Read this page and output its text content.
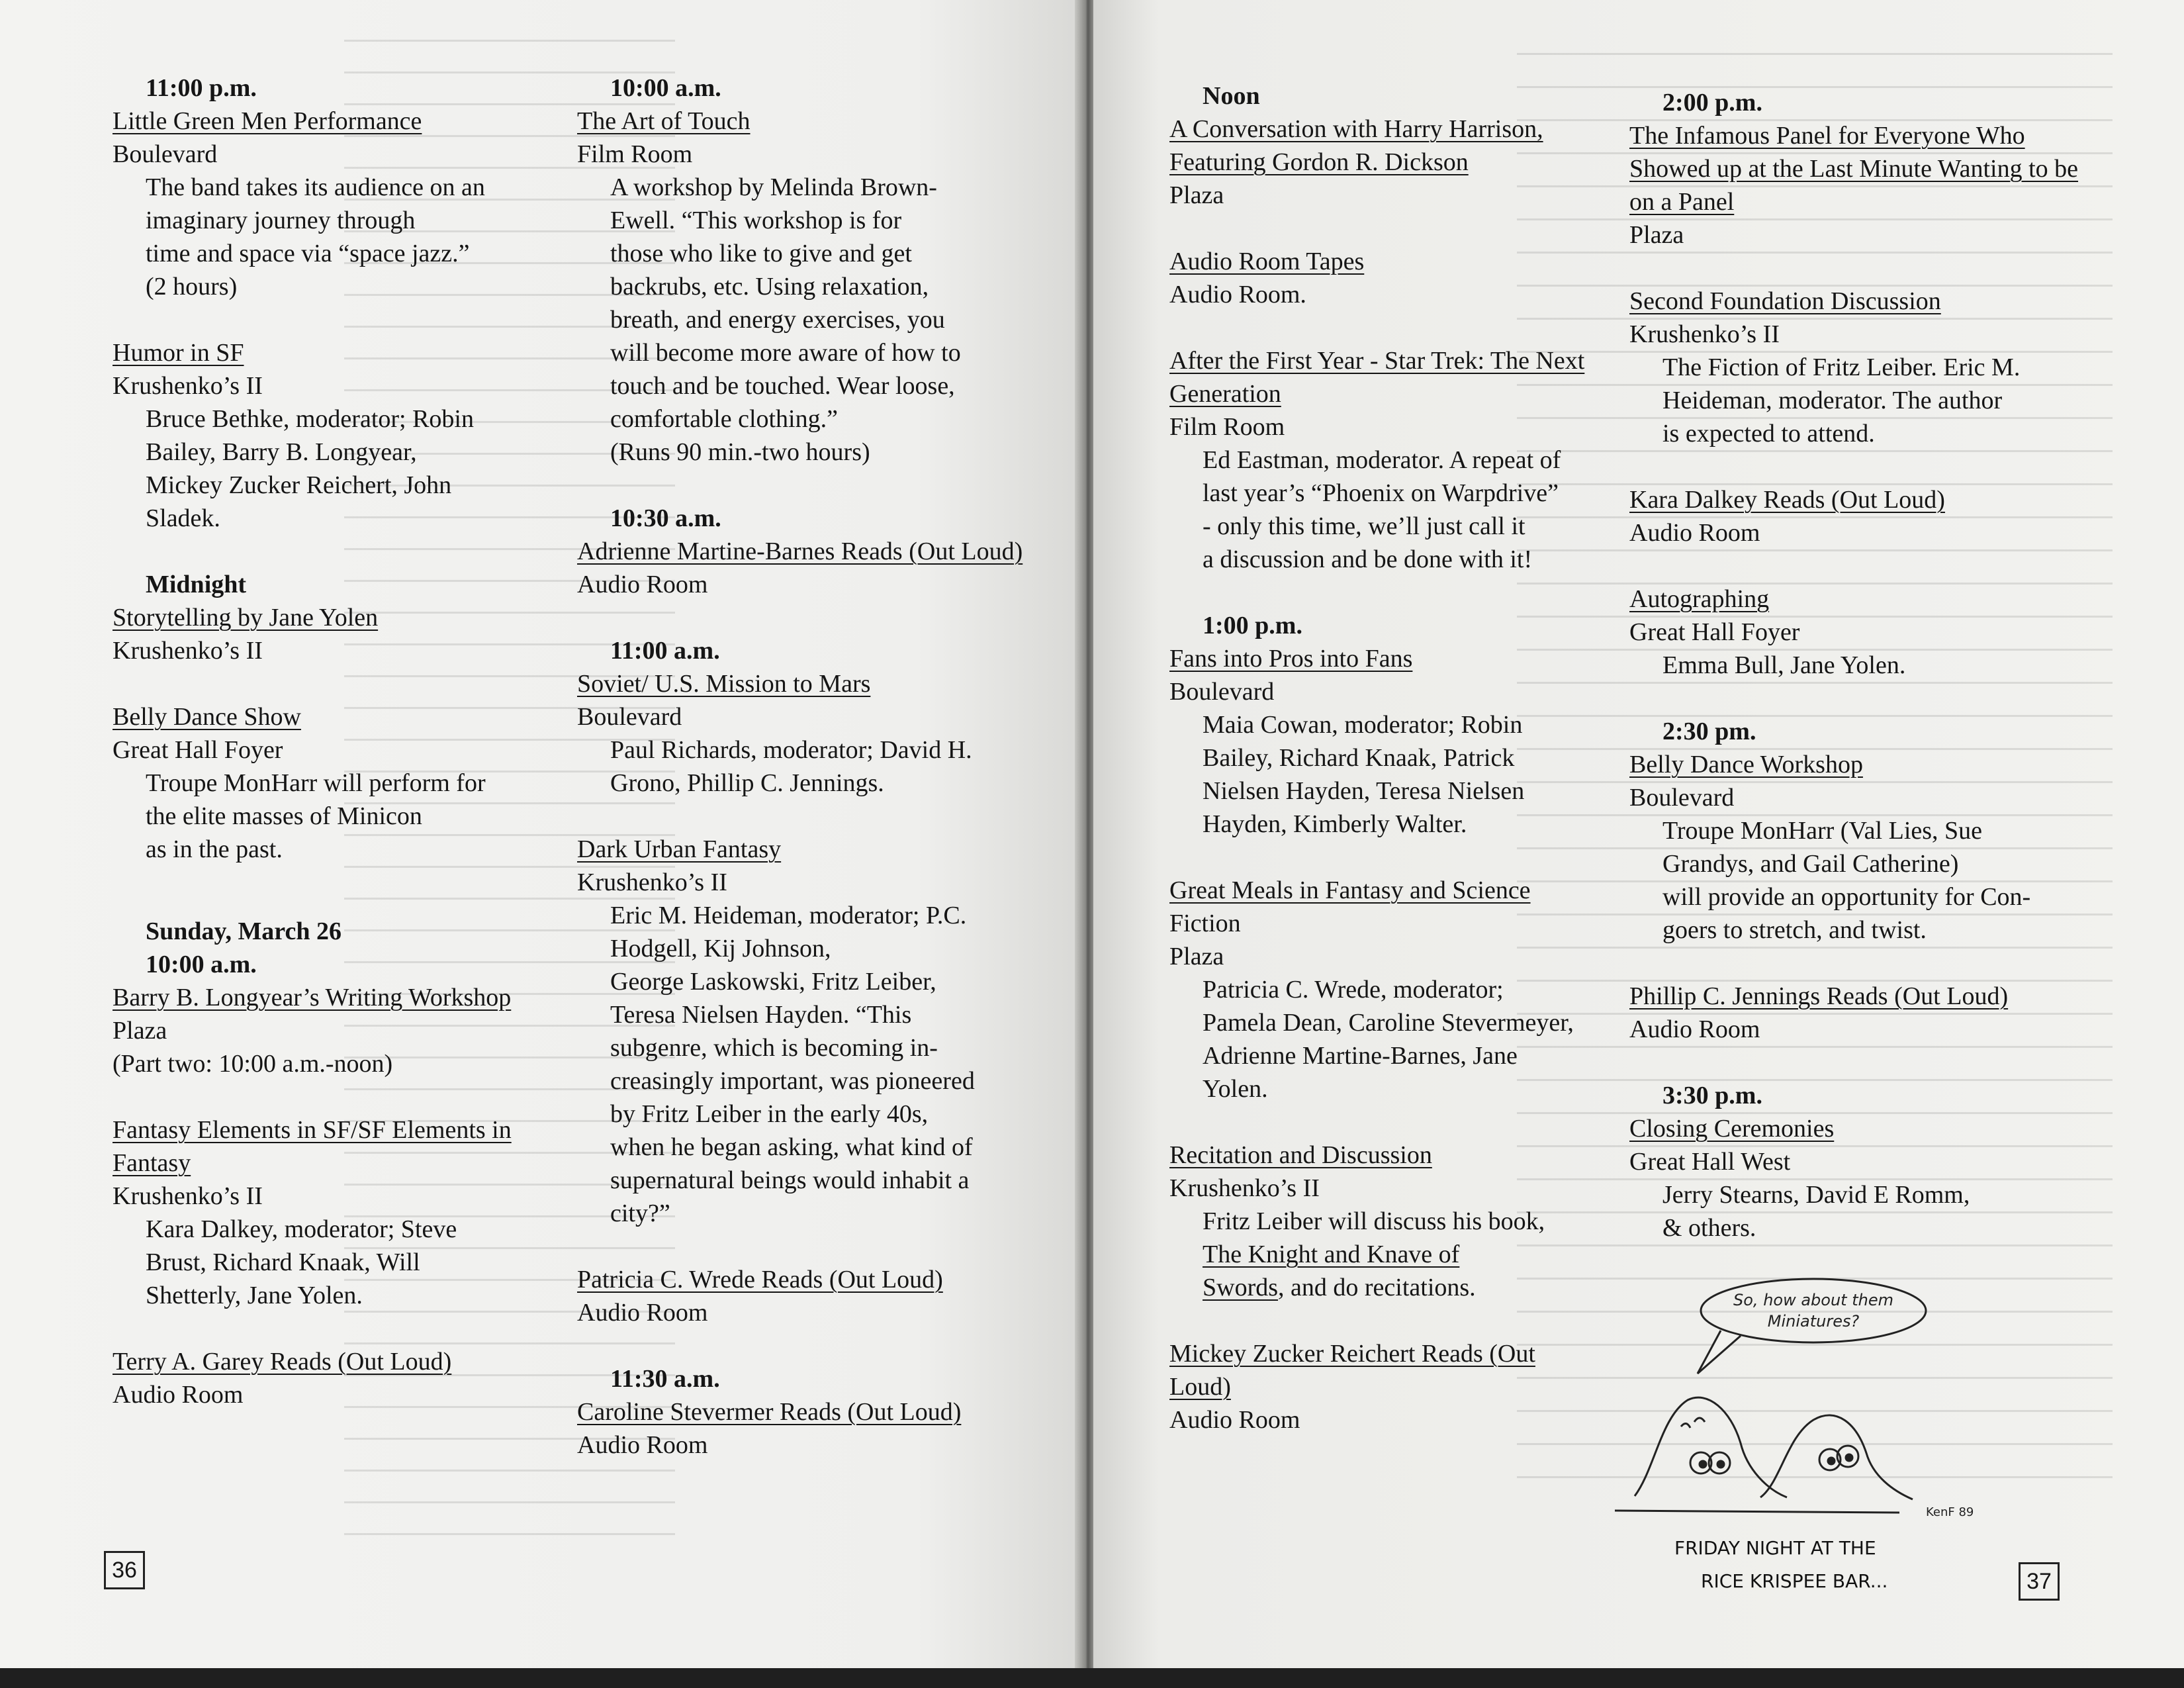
11:00 p.m.
Little Green Men Performance
Boulevard
The band takes its audience on an
imaginary journey through
time and space via “space jazz.”
(2 hours)
Humor in SF
Krushenko’s II
Bruce Bethke, moderator; Robin
Bailey, Barry B. Longyear,
Mickey Zucker Reichert, John
Sladek.
Midnight
Storytelling by Jane Yolen
Krushenko’s II
Belly Dance Show
Great Hall Foyer
Troupe MonHarr will perform for
the elite masses of Minicon
as in the past.
Sunday, March 26
10:00 a.m.
Barry B. Longyear’s Writing Workshop
Plaza
(Part two: 10:00 a.m.-noon)
Fantasy Elements in SF/SF Elements in Fantasy
Krushenko’s II
Kara Dalkey, moderator; Steve
Brust, Richard Knaak, Will
Shetterly, Jane Yolen.
Terry A. Garey Reads (Out Loud)
Audio Room
10:00 a.m.
The Art of Touch
Film Room
A workshop by Melinda Brown-
Ewell. “This workshop is for
those who like to give and get
backrubs, etc. Using relaxation,
breath, and energy exercises, you
will become more aware of how to
touch and be touched. Wear loose,
comfortable clothing.”
(Runs 90 min.-two hours)
10:30 a.m.
Adrienne Martine-Barnes Reads (Out Loud)
Audio Room
11:00 a.m.
Soviet/ U.S. Mission to Mars
Boulevard
Paul Richards, moderator; David H.
Grono, Phillip C. Jennings.
Dark Urban Fantasy
Krushenko’s II
Eric M. Heideman, moderator; P.C.
Hodgell, Kij Johnson,
George Laskowski, Fritz Leiber,
Teresa Nielsen Hayden. “This
subgenre, which is becoming in-
creasingly important, was pioneered
by Fritz Leiber in the early 40s,
when he began asking, what kind of
supernatural beings would inhabit a
city?”
Patricia C. Wrede Reads (Out Loud)
Audio Room
11:30 a.m.
Caroline Stevermer Reads (Out Loud)
Audio Room
36
Noon
A Conversation with Harry Harrison, Featuring Gordon R. Dickson
Plaza
Audio Room Tapes
Audio Room.
After the First Year - Star Trek: The Next Generation
Film Room
Ed Eastman, moderator. A repeat of
last year’s “Phoenix on Warpdrive”
- only this time, we’ll just call it
a discussion and be done with it!
1:00 p.m.
Fans into Pros into Fans
Boulevard
Maia Cowan, moderator; Robin
Bailey, Richard Knaak, Patrick
Nielsen Hayden, Teresa Nielsen
Hayden, Kimberly Walter.
Great Meals in Fantasy and Science
Fiction
Plaza
Patricia C. Wrede, moderator;
Pamela Dean, Caroline Stevermeyer,
Adrienne Martine-Barnes, Jane
Yolen.
Recitation and Discussion
Krushenko’s II
Fritz Leiber will discuss his book,
The Knight and Knave of
Swords, and do recitations.
Mickey Zucker Reichert Reads (Out Loud)
Audio Room
2:00 p.m.
The Infamous Panel for Everyone Who Showed up at the Last Minute Wanting to be on a Panel
Plaza
Second Foundation Discussion
Krushenko’s II
The Fiction of Fritz Leiber. Eric M.
Heideman, moderator. The author
is expected to attend.
Kara Dalkey Reads (Out Loud)
Audio Room
Autographing
Great Hall Foyer
Emma Bull, Jane Yolen.
2:30 pm.
Belly Dance Workshop
Boulevard
Troupe MonHarr (Val Lies, Sue
Grandys, and Gail Catherine)
will provide an opportunity for Con-
goers to stretch, and twist.
Phillip C. Jennings Reads (Out Loud)
Audio Room
3:30 p.m.
Closing Ceremonies
Great Hall West
Jerry Stearns, David E Romm,
& others.
37
So, how about them
Miniatures?
KenF 89
FRIDAY NIGHT AT THE
RICE KRISPEE BAR...
